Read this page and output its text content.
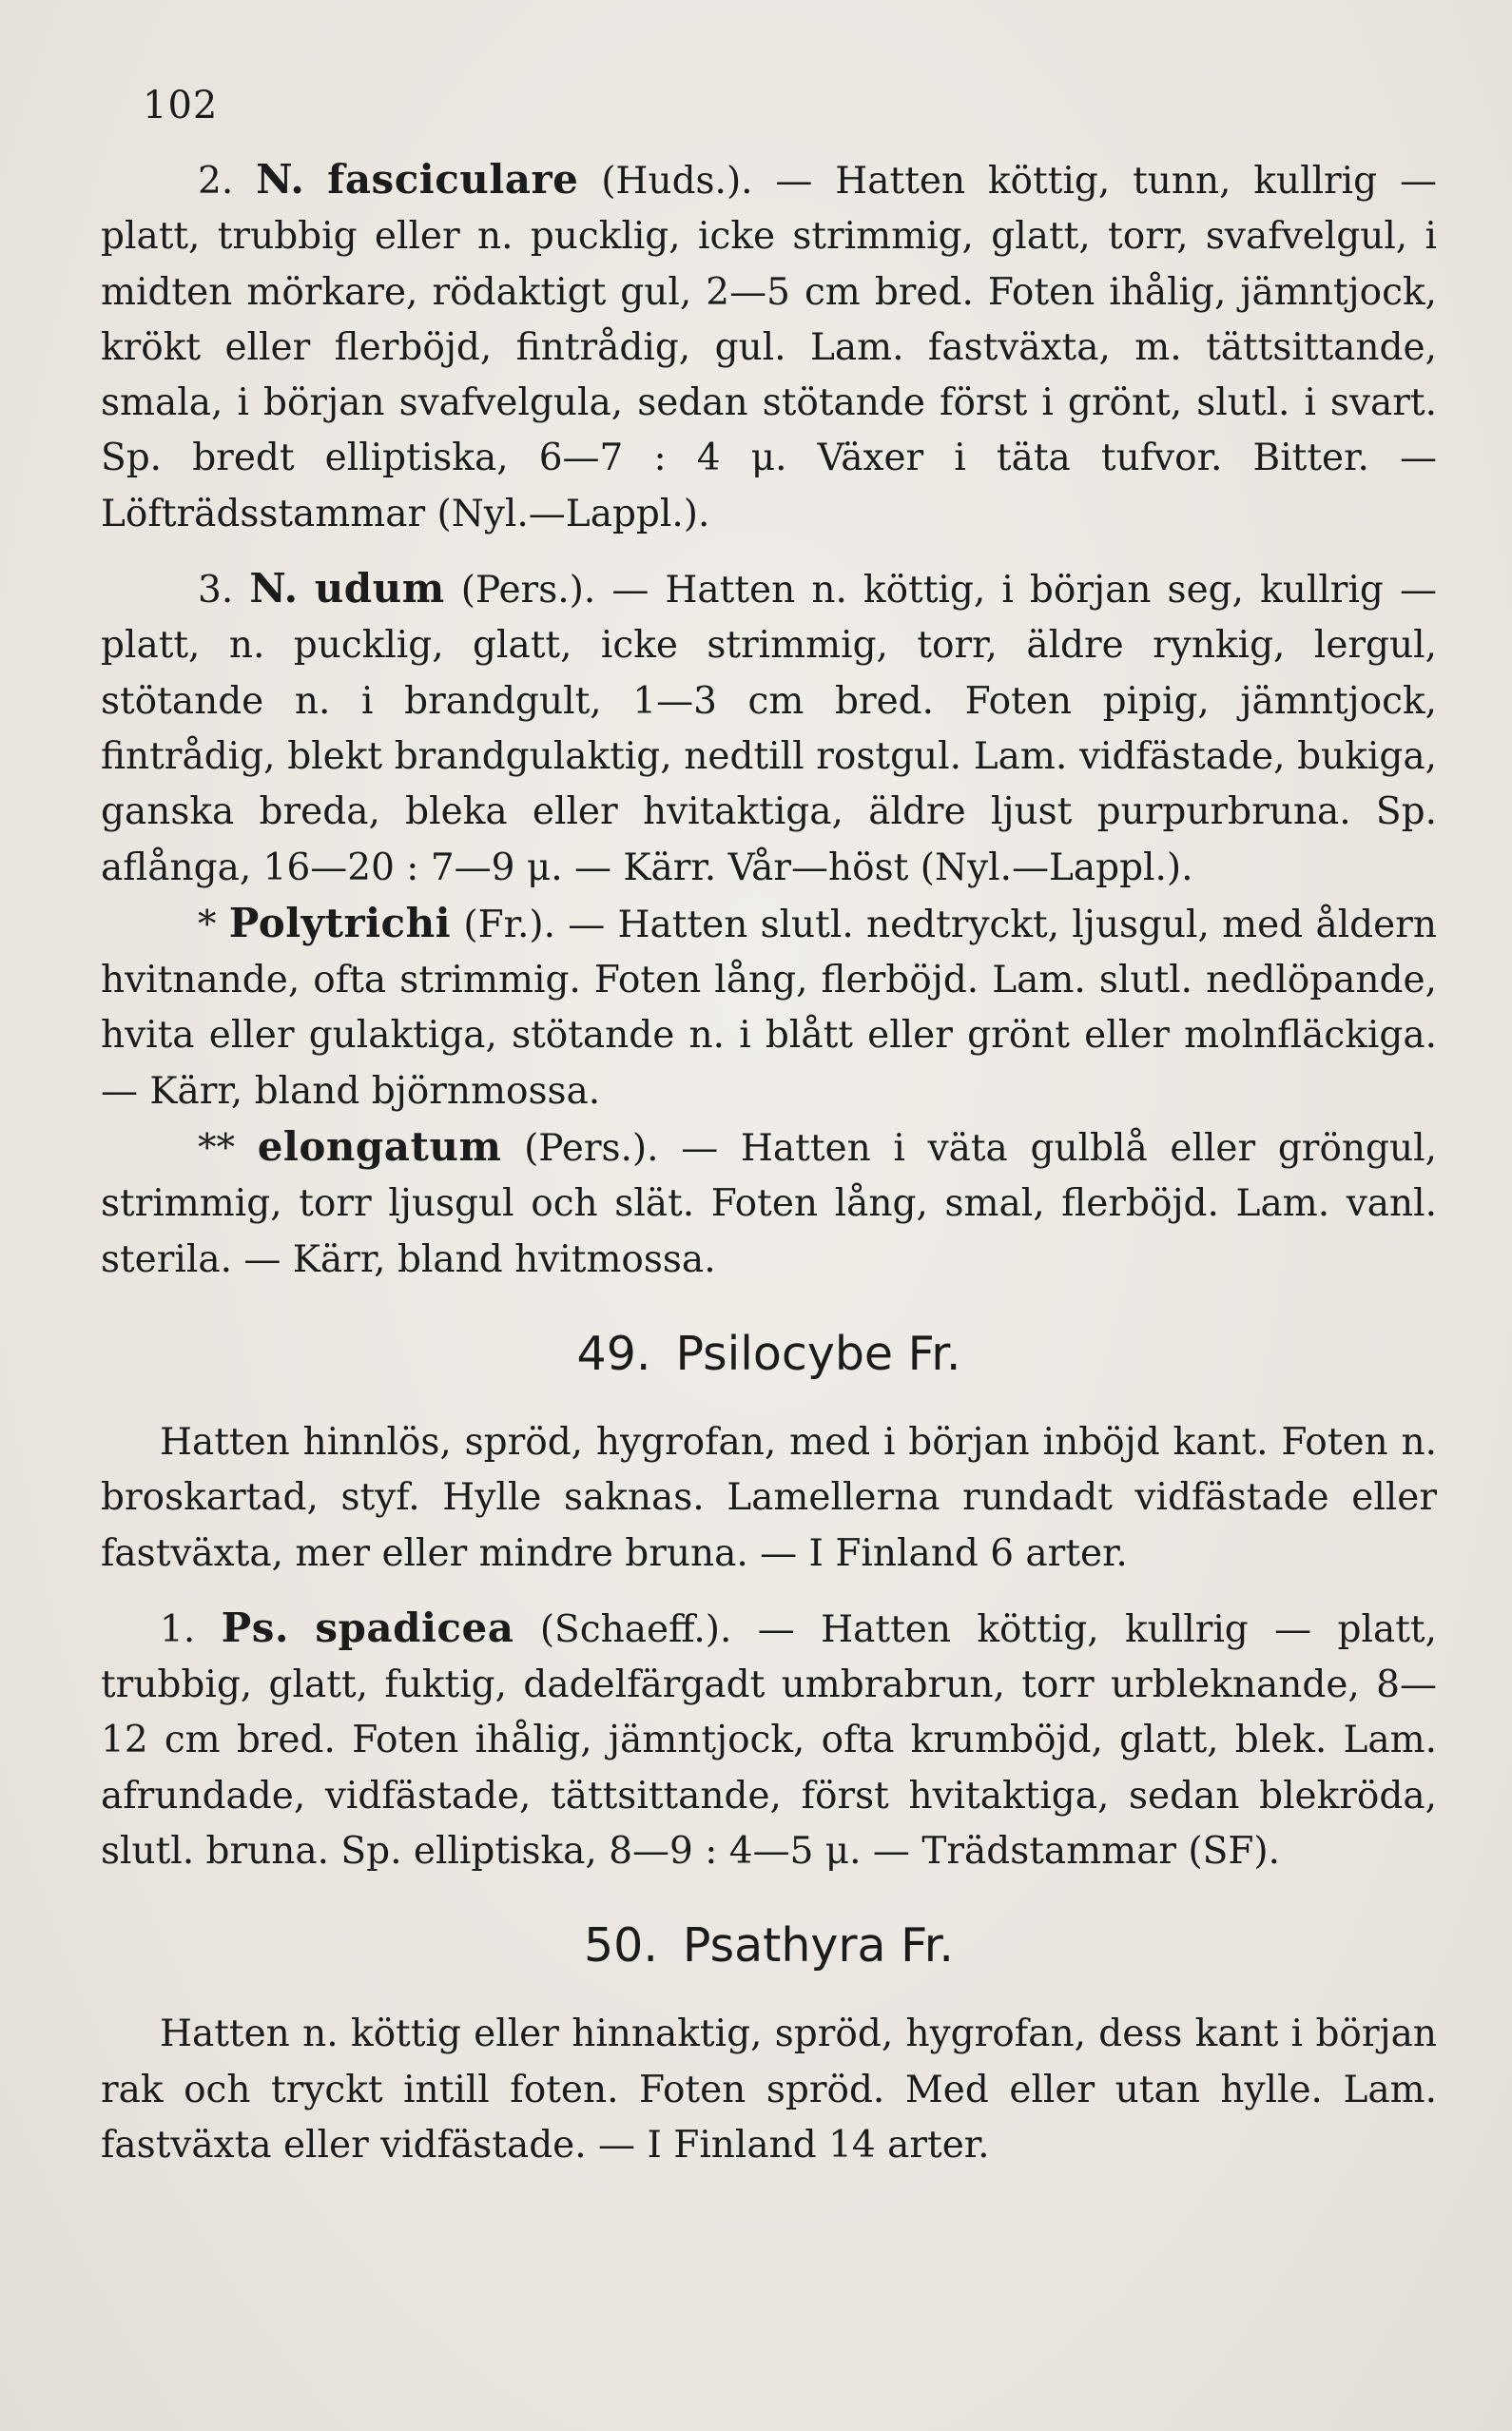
102

2. N. fasciculare (Huds.). — Hatten köttig, tunn, kullrig — platt, trubbig eller n. pucklig, icke strimmig, glatt, torr, svafvelgul, i midten mörkare, rödaktigt gul, 2—5 cm bred. Foten ihålig, jämntjock, krökt eller flerböjd, fintrådig, gul. Lam. fastväxta, m. tättsittande, smala, i början svafvelgula, sedan stötande först i grönt, slutl. i svart. Sp. bredt elliptiska, 6—7 : 4 μ. Växer i täta tufvor. Bitter. — Löfträdsstammar (Nyl.—Lappl.).

3. N. udum (Pers.). — Hatten n. köttig, i början seg, kullrig — platt, n. pucklig, glatt, icke strimmig, torr, äldre rynkig, lergul, stötande n. i brandgult, 1—3 cm bred. Foten pipig, jämntjock, fintrådig, blekt brandgulaktig, nedtill rostgul. Lam. vidfästade, bukiga, ganska breda, bleka eller hvitaktiga, äldre ljust purpurbruna. Sp. aflånga, 16—20 : 7—9 μ. — Kärr. Vår—höst (Nyl.—Lappl.).

* Polytrichi (Fr.). — Hatten slutl. nedtryckt, ljusgul, med åldern hvitnande, ofta strimmig. Foten lång, flerböjd. Lam. slutl. nedlöpande, hvita eller gulaktiga, stötande n. i blått eller grönt eller molnfläckiga. — Kärr, bland björnmossa.

** elongatum (Pers.). — Hatten i väta gulblå eller gröngul, strimmig, torr ljusgul och slät. Foten lång, smal, flerböjd. Lam. vanl. sterila. — Kärr, bland hvitmossa.

49. Psilocybe Fr.

Hatten hinnlös, spröd, hygrofan, med i början inböjd kant. Foten n. broskartad, styf. Hylle saknas. Lamellerna rundadt vidfästade eller fastväxta, mer eller mindre bruna. — I Finland 6 arter.

1. Ps. spadicea (Schaeff.). — Hatten köttig, kullrig — platt, trubbig, glatt, fuktig, dadelfärgadt umbrabrun, torr urbleknande, 8—12 cm bred. Foten ihålig, jämntjock, ofta krumböjd, glatt, blek. Lam. afrundade, vidfästade, tättsittande, först hvitaktiga, sedan blekröda, slutl. bruna. Sp. elliptiska, 8—9 : 4—5 μ. — Trädstammar (SF).

50. Psathyra Fr.

Hatten n. köttig eller hinnaktig, spröd, hygrofan, dess kant i början rak och tryckt intill foten. Foten spröd. Med eller utan hylle. Lam. fastväxta eller vidfästade. — I Finland 14 arter.
